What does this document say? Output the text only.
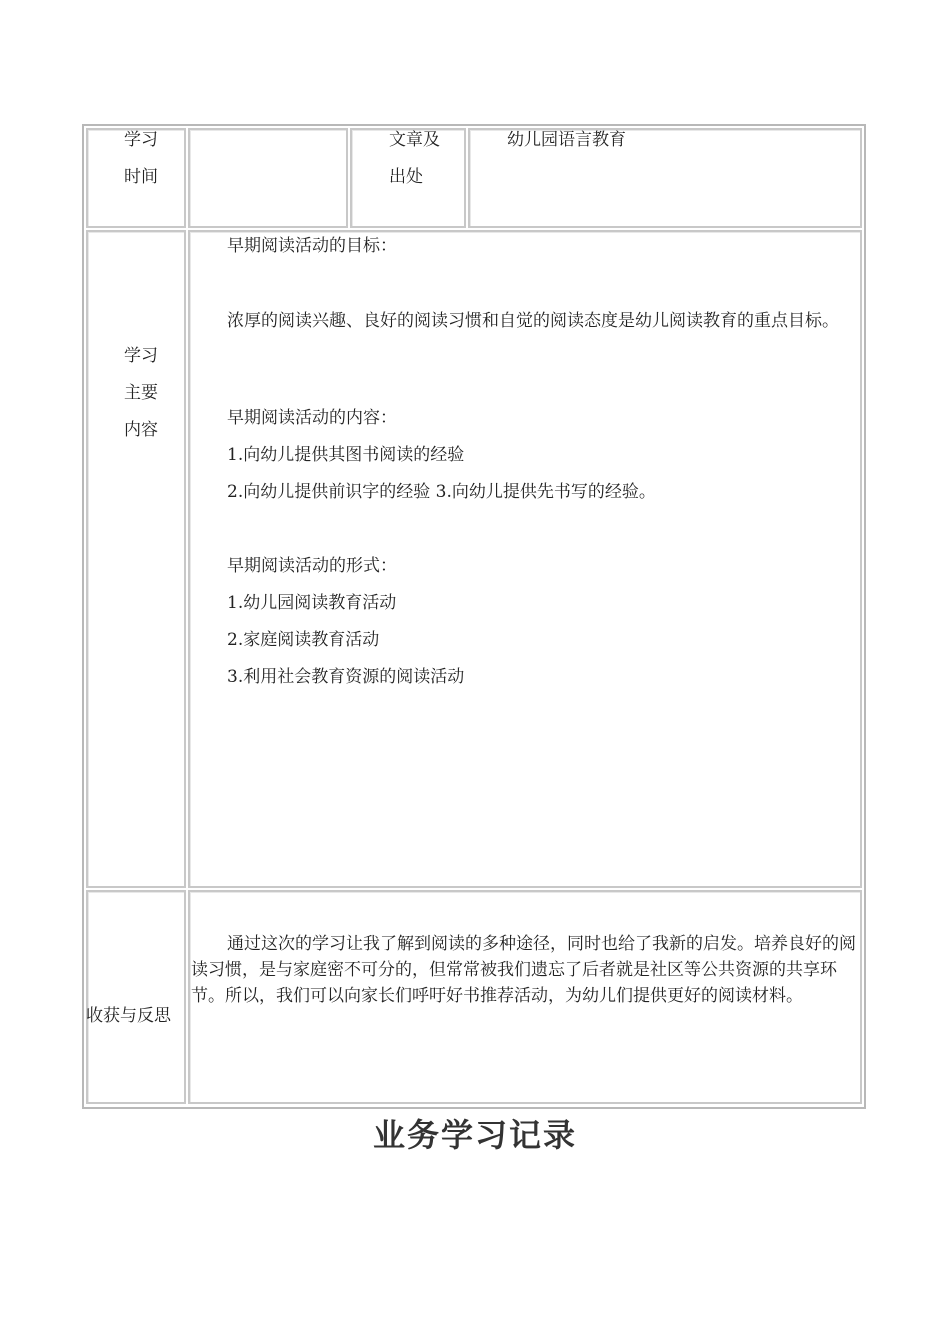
学习
时间
文章及
出处
幼儿园语言教育
学习
主要
内容
早期阅读活动的目标：
浓厚的阅读兴趣、良好的阅读习惯和自觉的阅读态度是幼儿阅读教育的重点目标。
早期阅读活动的内容：
1.向幼儿提供其图书阅读的经验
2.向幼儿提供前识字的经验 3.向幼儿提供先书写的经验。
早期阅读活动的形式：
1.幼儿园阅读教育活动
2.家庭阅读教育活动
3.利用社会教育资源的阅读活动
收获与反思
通过这次的学习让我了解到阅读的多种途径，同时也给了我新的启发。培养良好的阅读习惯，是与家庭密不可分的，但常常被我们遗忘了后者就是社区等公共资源的共享环节。所以，我们可以向家长们呼吁好书推荐活动，为幼儿们提供更好的阅读材料。
业务学习记录
